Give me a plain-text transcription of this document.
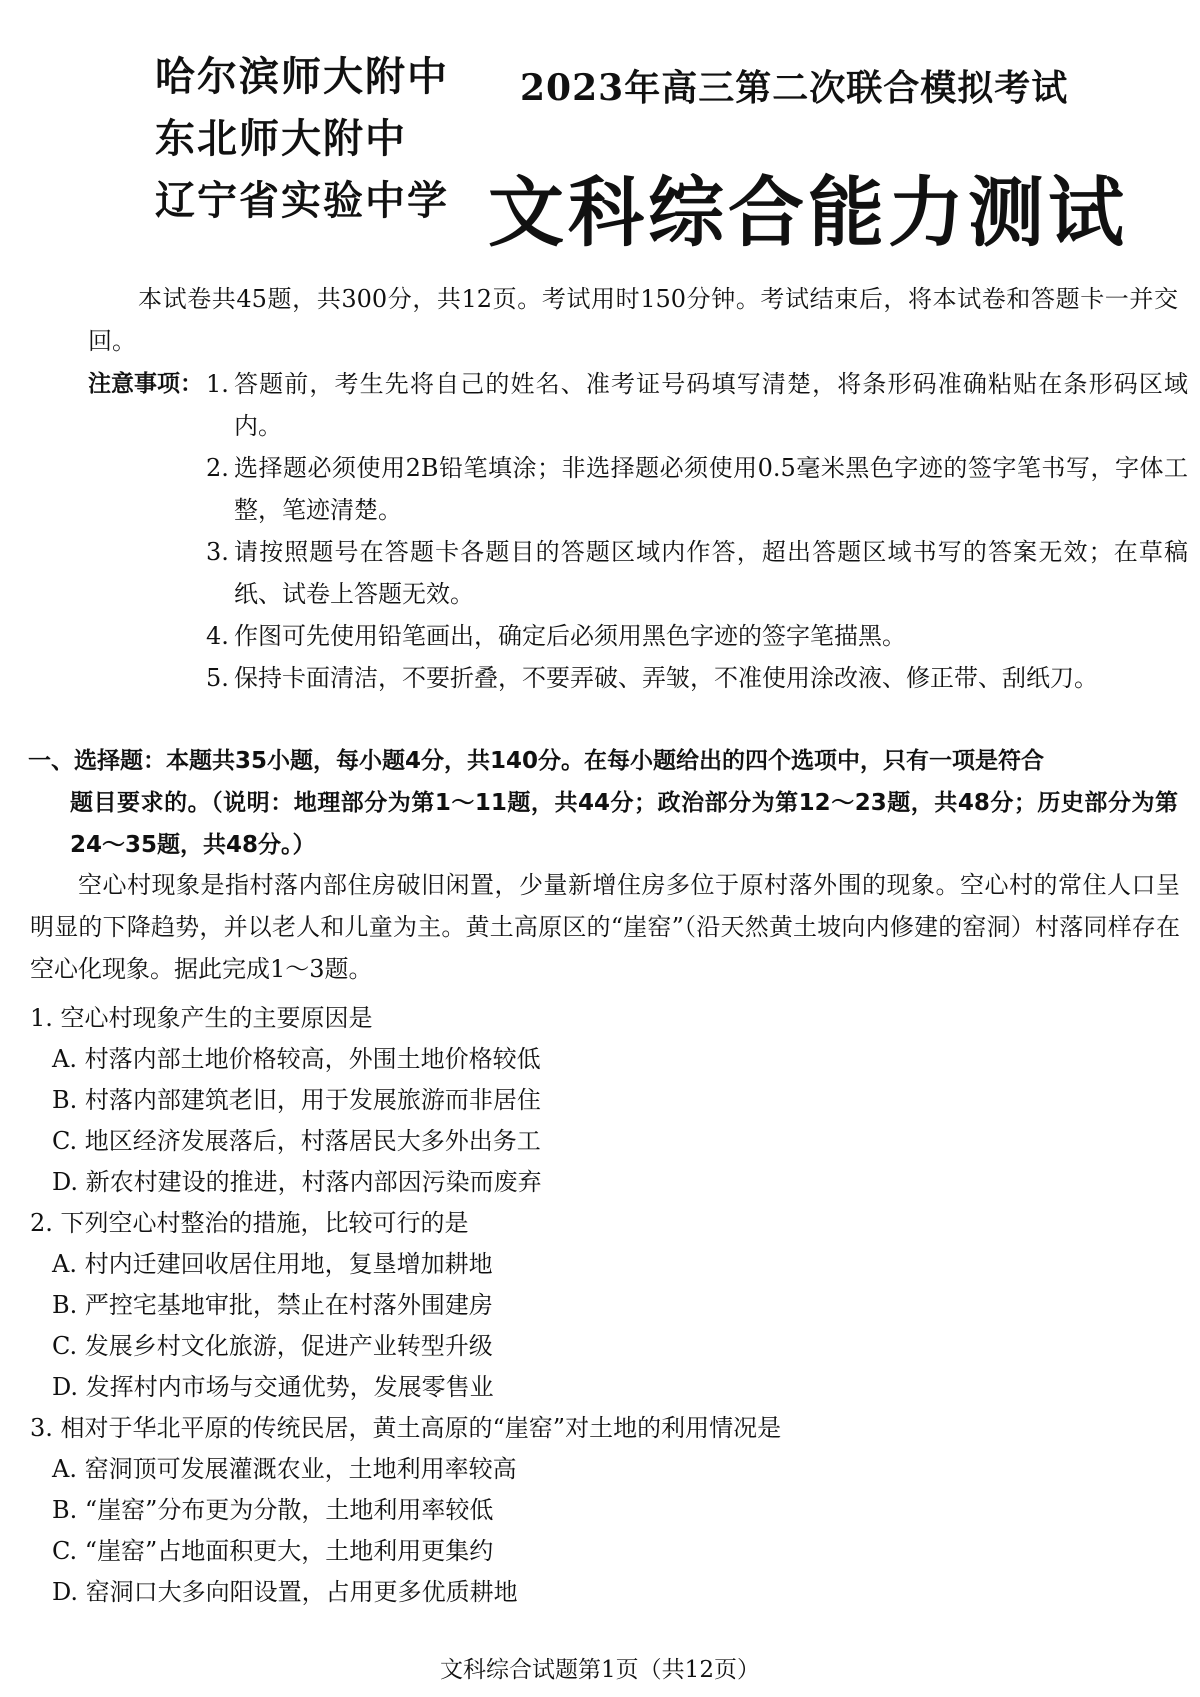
哈尔滨师大附中
东北师大附中
辽宁省实验中学
2023年高三第二次联合模拟考试
文科综合能力测试
本试卷共45题，共300分，共12页。考试用时150分钟。考试结束后，将本试卷和答题卡一并交回。
注意事项： 1. 答题前，考生先将自己的姓名、准考证号码填写清楚，将条形码准确粘贴在条形码区域内。
2. 选择题必须使用2B铅笔填涂；非选择题必须使用0.5毫米黑色字迹的签字笔书写，字体工整，笔迹清楚。
3. 请按照题号在答题卡各题目的答题区域内作答，超出答题区域书写的答案无效；在草稿纸、试卷上答题无效。
4. 作图可先使用铅笔画出，确定后必须用黑色字迹的签字笔描黑。
5. 保持卡面清洁，不要折叠，不要弄破、弄皱，不准使用涂改液、修正带、刮纸刀。
一、选择题：本题共35小题，每小题4分，共140分。在每小题给出的四个选项中，只有一项是符合
题目要求的。（说明：地理部分为第1～11题，共44分；政治部分为第12～23题，共48分；历史部分为第24～35题，共48分。）
空心村现象是指村落内部住房破旧闲置，少量新增住房多位于原村落外围的现象。空心村的常住人口呈明显的下降趋势，并以老人和儿童为主。黄土高原区的“崖窑”（沿天然黄土坡向内修建的窑洞）村落同样存在空心化现象。据此完成1～3题。
1. 空心村现象产生的主要原因是
A. 村落内部土地价格较高，外围土地价格较低
B. 村落内部建筑老旧，用于发展旅游而非居住
C. 地区经济发展落后，村落居民大多外出务工
D. 新农村建设的推进，村落内部因污染而废弃
2. 下列空心村整治的措施，比较可行的是
A. 村内迁建回收居住用地，复垦增加耕地
B. 严控宅基地审批，禁止在村落外围建房
C. 发展乡村文化旅游，促进产业转型升级
D. 发挥村内市场与交通优势，发展零售业
3. 相对于华北平原的传统民居，黄土高原的“崖窑”对土地的利用情况是
A. 窑洞顶可发展灌溉农业，土地利用率较高
B. “崖窑”分布更为分散，土地利用率较低
C. “崖窑”占地面积更大，土地利用更集约
D. 窑洞口大多向阳设置，占用更多优质耕地
文科综合试题第1页（共12页）
